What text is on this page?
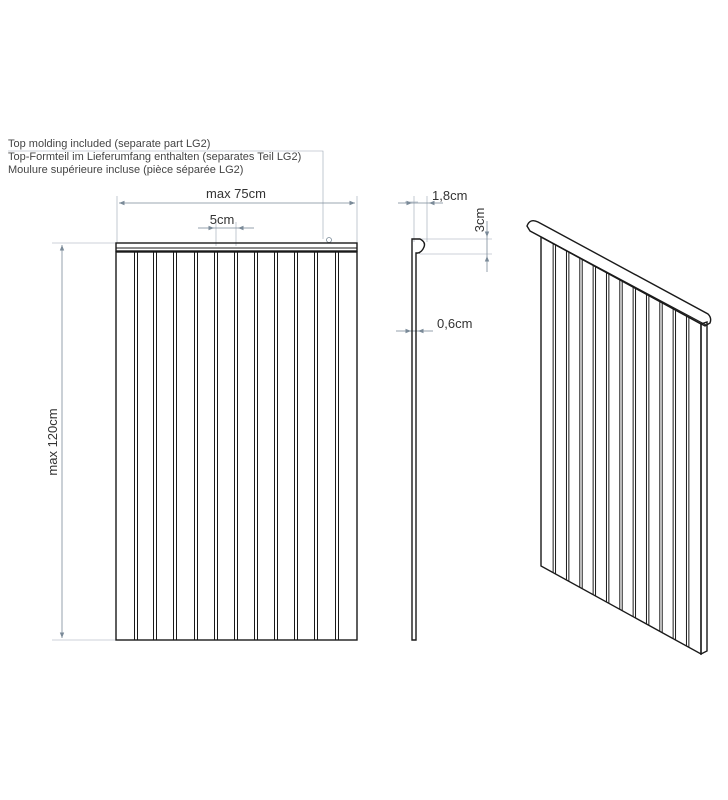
Top molding included (separate part LG2)
Top-Formteil im Lieferumfang enthalten (separates Teil LG2)
Moulure supérieure incluse (pièce séparée LG2)
max 75cm
5cm
max 120cm
1,8cm
3cm
0,6cm
